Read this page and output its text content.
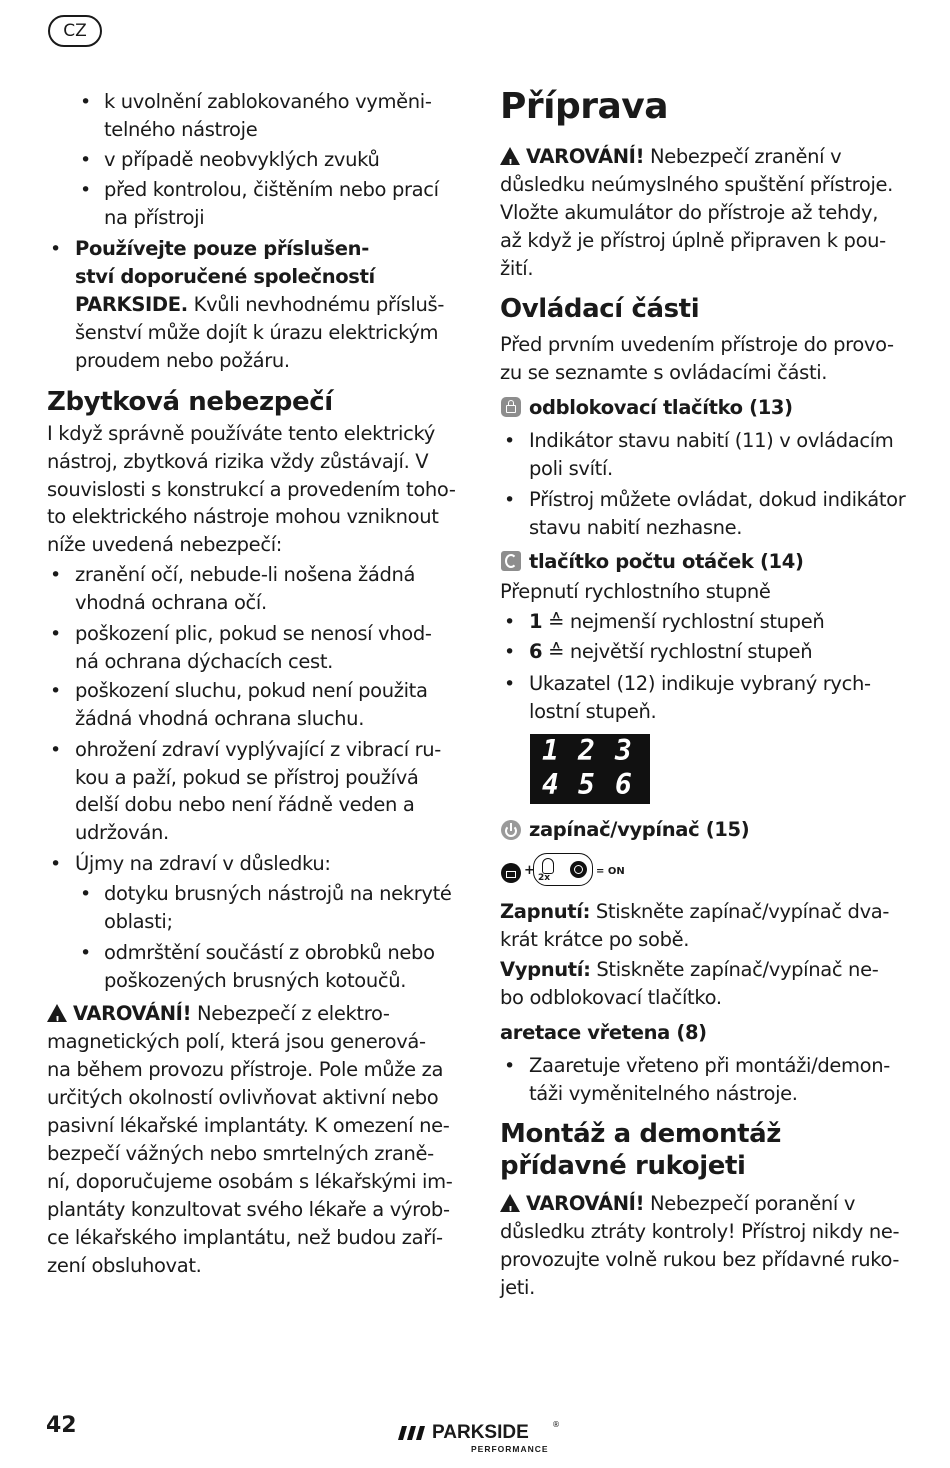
CZ
• k uvolnění zablokovaného vyměni-
telného nástroje
• v případě neobvyklých zvuků
• před kontrolou, čištěním nebo prací
na přístroji
• Používejte pouze příslušen-
ství doporučené společností
PARKSIDE. Kvůli nevhodnému přísluš-
šenství může dojít k úrazu elektrickým
proudem nebo požáru.
Zbytková nebezpečí
I když správně používáte tento elektrický
nástroj, zbytková rizika vždy zůstávají. V
souvislosti s konstrukcí a provedením toho-
to elektrického nástroje mohou vzniknout
níže uvedená nebezpečí:
• zranění očí, nebude-li nošena žádná
vhodná ochrana očí.
• poškození plic, pokud se nenosí vhod-
ná ochrana dýchacích cest.
• poškození sluchu, pokud není použita
žádná vhodná ochrana sluchu.
• ohrožení zdraví vyplývající z vibrací ru-
kou a paží, pokud se přístroj používá
delší dobu nebo není řádně veden a
udržován.
• Újmy na zdraví v důsledku:
• dotyku brusných nástrojů na nekryté
oblasti;
• odmrštění součástí z obrobků nebo
poškozených brusných kotoučů.
!VAROVÁNÍ! Nebezpečí z elektro-
magnetických polí, která jsou generová-
na během provozu přístroje. Pole může za
určitých okolností ovlivňovat aktivní nebo
pasivní lékařské implantáty. K omezení ne-
bezpečí vážných nebo smrtelných zraně-
ní, doporučujeme osobám s lékařskými im-
plantáty konzultovat svého lékaře a výrob-
ce lékařského implantátu, než budou zaří-
zení obsluhovat.
Příprava
!VAROVÁNÍ! Nebezpečí zranění v
důsledku neúmyslného spuštění přístroje.
Vložte akumulátor do přístroje až tehdy,
až když je přístroj úplně připraven k pou-
žití.
Ovládací části
Před prvním uvedením přístroje do provo-
zu se seznamte s ovládacími části.
odblokovací tlačítko (13)
• Indikátor stavu nabití (11) v ovládacím
poli svítí.
• Přístroj můžete ovládat, dokud indikátor
stavu nabití nezhasne.
tlačítko počtu otáček (14)
Přepnutí rychlostního stupně
• 1 ≙ nejmenší rychlostní stupeň
• 6 ≙ největší rychlostní stupeň
• Ukazatel (12) indikuje vybraný rych-
lostní stupeň.
1 2 3
4 5 6
zapínač/vypínač (15)
+ 2x
= ON
Zapnutí: Stiskněte zapínač/vypínač dva-
krát krátce po sobě.
Vypnutí: Stiskněte zapínač/vypínač ne-
bo odblokovací tlačítko.
aretace vřetena (8)
• Zaaretuje vřeteno při montáži/demon-
táži vyměnitelného nástroje.
Montáž a demontáž
přídavné rukojeti
!VAROVÁNÍ! Nebezpečí poranění v
důsledku ztráty kontroly! Přístroj nikdy ne-
provozujte volně rukou bez přídavné ruko-
jeti.
42	PARKSIDE	®
PERFORMANCE
